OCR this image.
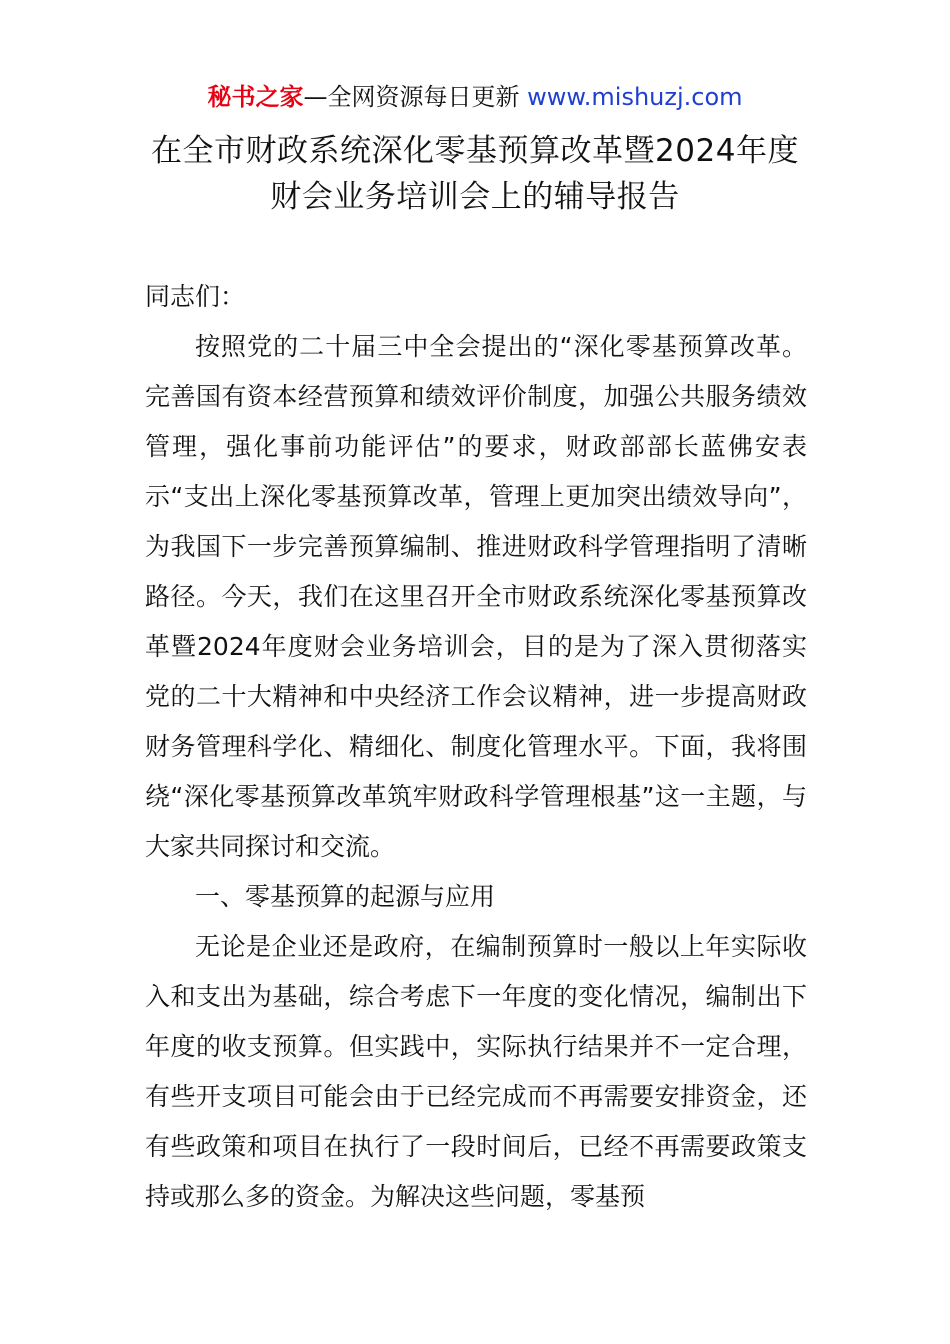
秘书之家—全网资源每日更新 www.mishuzj.com
在全市财政系统深化零基预算改革暨2024年度
财会业务培训会上的辅导报告

同志们：

按照党的二十届三中全会提出的“深化零基预算改革。完善国有资本经营预算和绩效评价制度，加强公共服务绩效管理，强化事前功能评估”的要求，财政部部长蓝佛安表示“支出上深化零基预算改革，管理上更加突出绩效导向”，为我国下一步完善预算编制、推进财政科学管理指明了清晰路径。今天，我们在这里召开全市财政系统深化零基预算改革暨2024年度财会业务培训会，目的是为了深入贯彻落实党的二十大精神和中央经济工作会议精神，进一步提高财政财务管理科学化、精细化、制度化管理水平。下面，我将围绕“深化零基预算改革筑牢财政科学管理根基”这一主题，与大家共同探讨和交流。

一、零基预算的起源与应用

无论是企业还是政府，在编制预算时一般以上年实际收入和支出为基础，综合考虑下一年度的变化情况，编制出下年度的收支预算。但实践中，实际执行结果并不一定合理，有些开支项目可能会由于已经完成而不再需要安排资金，还有些政策和项目在执行了一段时间后，已经不再需要政策支持或那么多的资金。为解决这些问题，零基预
